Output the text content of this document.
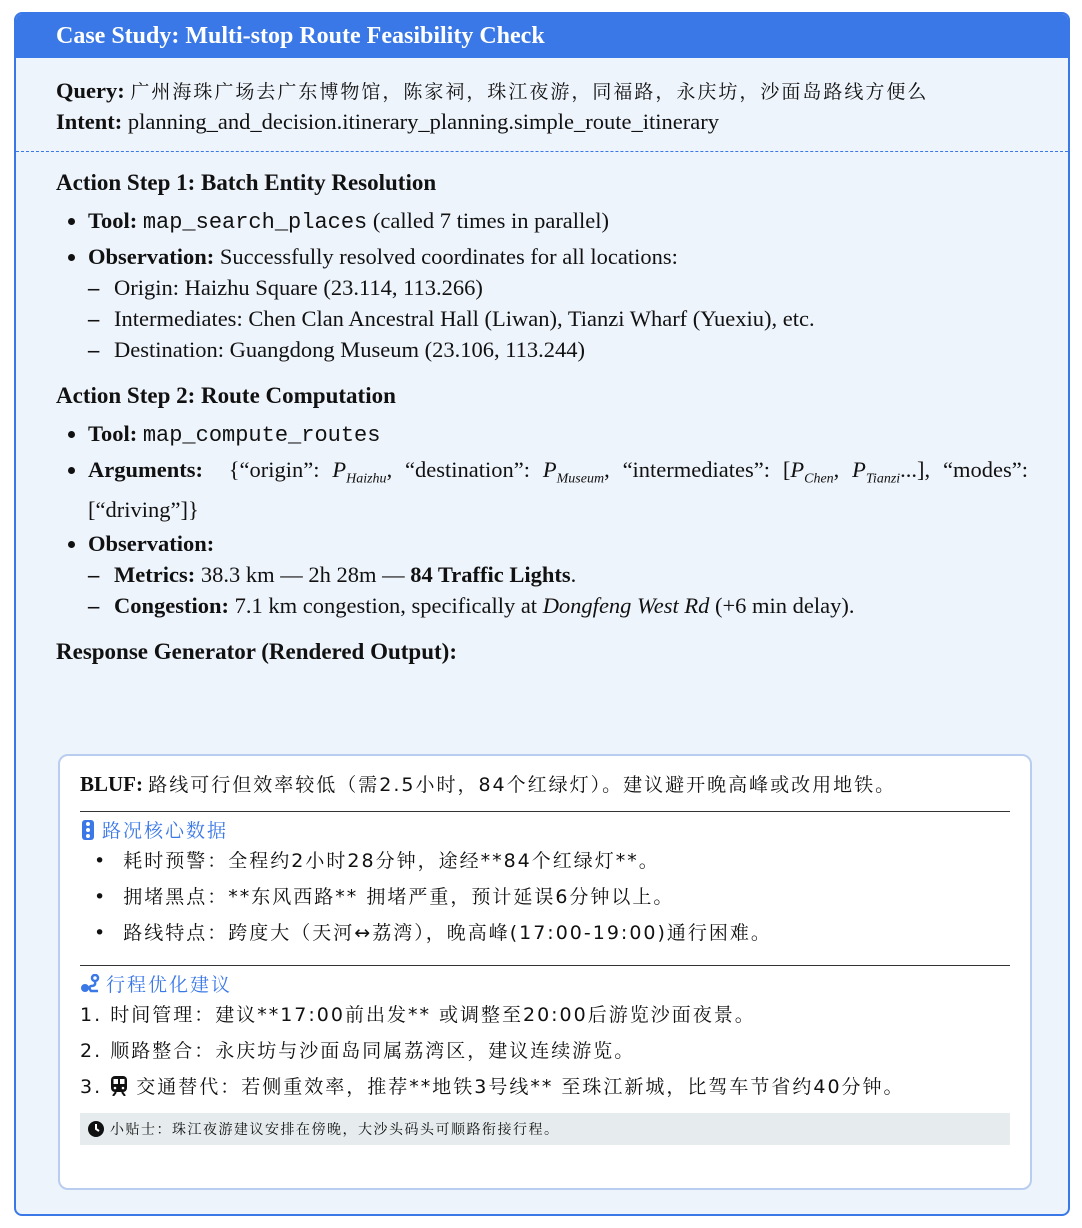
Case Study: Multi-stop Route Feasibility Check
Query: 广州海珠广场去广东博物馆，陈家祠，珠江夜游，同福路，永庆坊，沙面岛路线方便么
Intent: planning_and_decision.itinerary_planning.simple_route_itinerary
Action Step 1: Batch Entity Resolution
• Tool: map_search_places (called 7 times in parallel)
• Observation: Successfully resolved coordinates for all locations:
– Origin: Haizhu Square (23.114, 113.266)
– Intermediates: Chen Clan Ancestral Hall (Liwan), Tianzi Wharf (Yuexiu), etc.
– Destination: Guangdong Museum (23.106, 113.244)
Action Step 2: Route Computation
• Tool: map_compute_routes
• Arguments: {“origin”: $P_{Haizhu}$, “destination”: $P_{Museum}$, “intermediates”: [$P_{Chen}$, $P_{Tianzi}$...], “modes”: [“driving”]}
• Observation:
– Metrics: 38.3 km — 2h 28m — 84 Traffic Lights.
– Congestion: 7.1 km congestion, specifically at Dongfeng West Rd (+6 min delay).
Response Generator (Rendered Output):
BLUF: 路线可行但效率较低（需2.5小时，84个红绿灯）。建议避开晚高峰或改用地铁。
路况核心数据
•  耗时预警：全程约2小时28分钟，途经**84个红绿灯**。
•  拥堵黑点：**东风西路** 拥堵严重，预计延误6分钟以上。
•  路线特点：跨度大（天河↔荔湾），晚高峰(17:00-19:00)通行困难。
行程优化建议
1. 时间管理：建议**17:00前出发** 或调整至20:00后游览沙面夜景。
2. 顺路整合：永庆坊与沙面岛同属荔湾区，建议连续游览。
3. 交通替代：若侧重效率，推荐**地铁3号线** 至珠江新城，比驾车节省约40分钟。
小贴士：珠江夜游建议安排在傍晚，大沙头码头可顺路衔接行程。
